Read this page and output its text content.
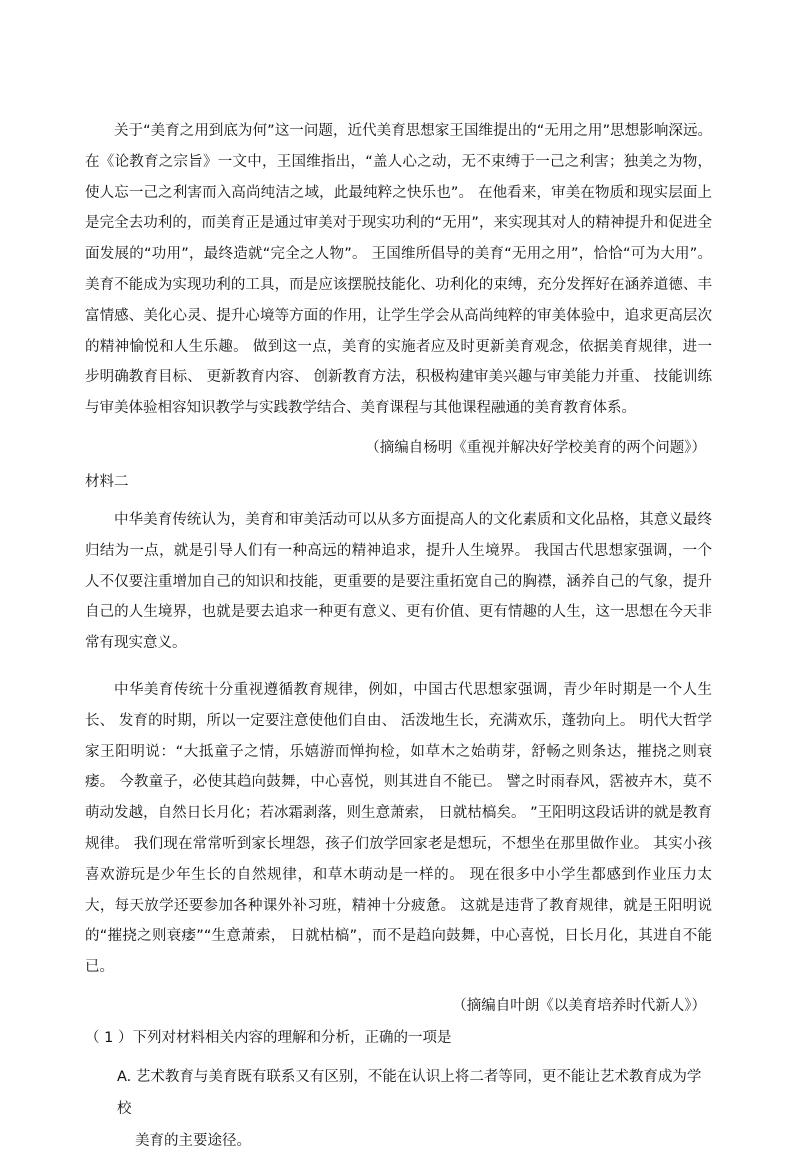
关于“美育之用到底为何”这一问题，近代美育思想家王国维提出的“无用之用”思想影响深远。 在《论教育之宗旨》一文中，王国维指出，“盖人心之动，无不束缚于一己之利害；独美之为物，使人忘一己之利害而入高尚纯洁之域，此最纯粹之快乐也”。 在他看来，审美在物质和现实层面上是完全去功利的，而美育正是通过审美对于现实功利的“无用”，来实现其对人的精神提升和促进全面发展的“功用”，最终造就“完全之人物”。 王国维所倡导的美育“无用之用”，恰恰“可为大用”。 美育不能成为实现功利的工具，而是应该摆脱技能化、功利化的束缚，充分发挥好在涵养道德、丰富情感、美化心灵、提升心境等方面的作用，让学生学会从高尚纯粹的审美体验中，追求更高层次的精神愉悦和人生乐趣。 做到这一点，美育的实施者应及时更新美育观念，依据美育规律，进一步明确教育目标、 更新教育内容、 创新教育方法，积极构建审美兴趣与审美能力并重、 技能训练与审美体验相容知识教学与实践教学结合、美育课程与其他课程融通的美育教育体系。

（摘编自杨明《重视并解决好学校美育的两个问题》）

材料二

中华美育传统认为，美育和审美活动可以从多方面提高人的文化素质和文化品格，其意义最终归结为一点，就是引导人们有一种高远的精神追求，提升人生境界。 我国古代思想家强调，一个人不仅要注重增加自己的知识和技能，更重要的是要注重拓宽自己的胸襟，涵养自己的气象，提升自己的人生境界，也就是要去追求一种更有意义、更有价值、更有情趣的人生，这一思想在今天非常有现实意义。

中华美育传统十分重视遵循教育规律，例如，中国古代思想家强调，青少年时期是一个人生长、 发育的时期，所以一定要注意使他们自由、 活泼地生长，充满欢乐，蓬勃向上。 明代大哲学家王阳明说：“大抵童子之情，乐嬉游而惮拘检，如草木之始萌芽，舒畅之则条达，摧挠之则衰痿。 今教童子，必使其趋向鼓舞，中心喜悦，则其进自不能已。 譬之时雨春风，霑被卉木，莫不萌动发越，自然日长月化；若冰霜剥落，则生意萧索， 日就枯槁矣。 ”王阳明这段话讲的就是教育规律。 我们现在常常听到家长埋怨，孩子们放学回家老是想玩，不想坐在那里做作业。 其实小孩喜欢游玩是少年生长的自然规律，和草木萌动是一样的。 现在很多中小学生都感到作业压力太大，每天放学还要参加各种课外补习班，精神十分疲惫。 这就是违背了教育规律，就是王阳明说的“摧挠之则衰痿”“生意萧索， 日就枯槁”，而不是趋向鼓舞，中心喜悦，日长月化，其进自不能已。

（摘编自叶朗《以美育培养时代新人》）

（ 1 ）下列对材料相关内容的理解和分析，正确的一项是

A. 艺术教育与美育既有联系又有区别，不能在认识上将二者等同，更不能让艺术教育成为学校
美育的主要途径。
